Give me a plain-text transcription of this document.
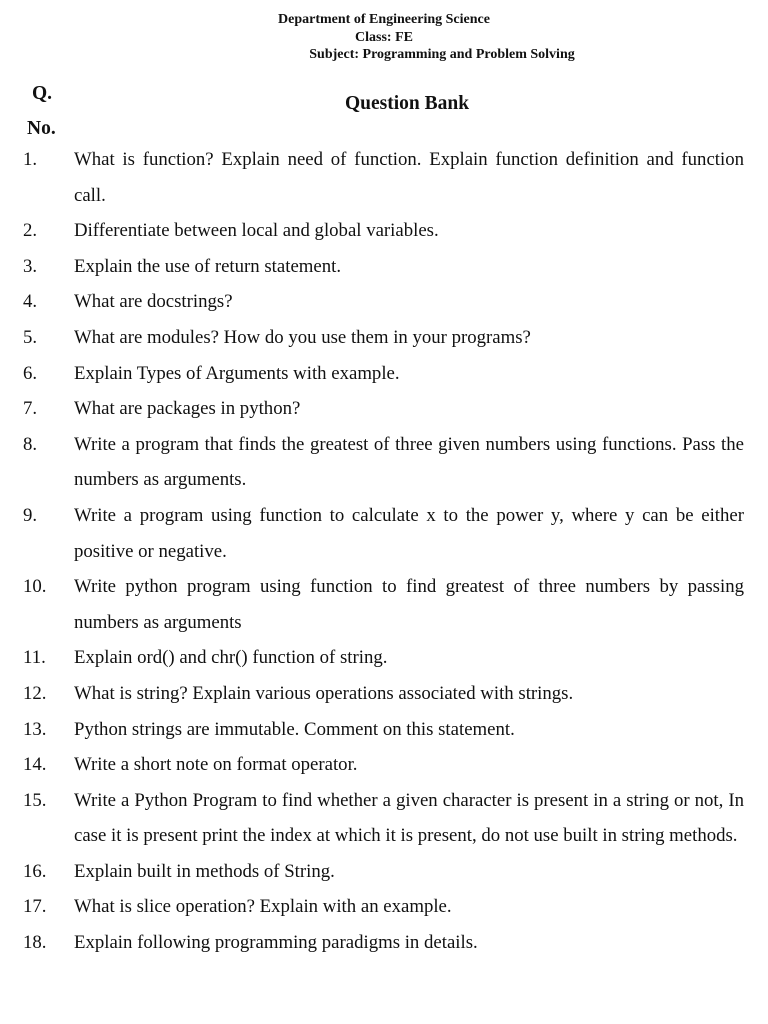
Department of Engineering Science
Class: FE
Subject: Programming and Problem Solving
Q.
No.
Question Bank
1.	What is function? Explain need of function. Explain function definition and function call.
2.	Differentiate between local and global variables.
3.	Explain the use of return statement.
4.	What are docstrings?
5.	What are modules? How do you use them in your programs?
6.	Explain Types of Arguments with example.
7.	What are packages in python?
8.	Write a program that finds the greatest of three given numbers using functions. Pass the numbers as arguments.
9.	Write a program using function to calculate x to the power y, where y can be either positive or negative.
10.	Write python program using function to find greatest of three numbers by passing numbers as arguments
11.	Explain ord() and chr() function of string.
12.	What is string? Explain various operations associated with strings.
13.	Python strings are immutable. Comment on this statement.
14.	Write a short note on format operator.
15.	Write a Python Program to find whether a given character is present in a string or not, In case it is present print the index at which it is present, do not use built in string methods.
16.	Explain built in methods of String.
17.	What is slice operation? Explain with an example.
18.	Explain following programming paradigms in details.
